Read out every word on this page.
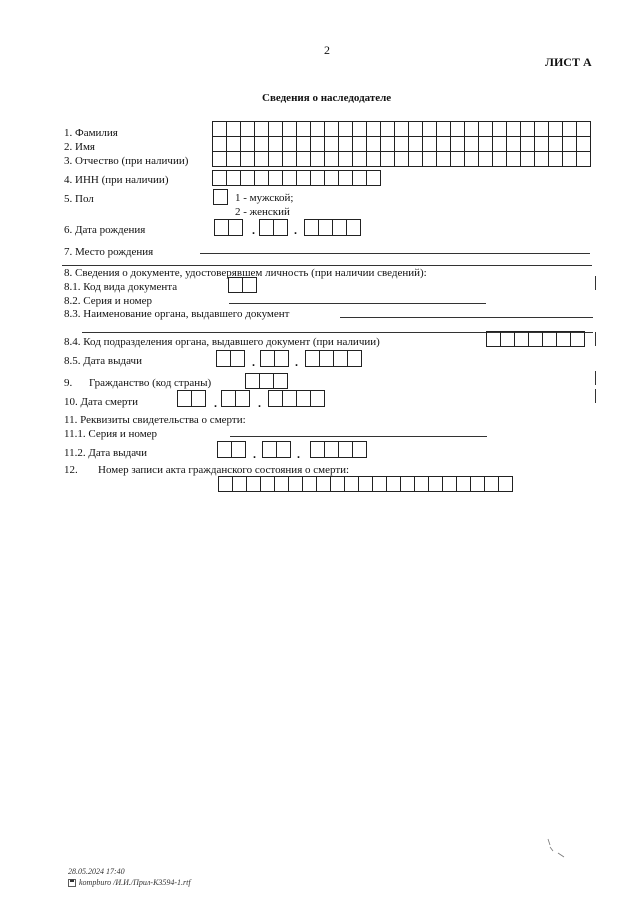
2
ЛИСТ А
Сведения о наследодателе
1. Фамилия
2. Имя
3. Отчество (при наличии)
4. ИНН (при наличии)
5. Пол	1 - мужской;
2 - женский
6. Дата рождения	.	.
7. Место рождения
8. Сведения о документе, удостоверявшем личность (при наличии сведений):
8.1. Код вида документа
8.2. Серия и номер
8.3. Наименование органа, выдавшего документ
8.4. Код подразделения органа, выдавшего документ (при наличии)
8.5. Дата выдачи	.	.
9. Гражданство (код страны)
10. Дата смерти	.	.
11. Реквизиты свидетельства о смерти:
11.1. Серия и номер
11.2. Дата выдачи	.	.
12. Номер записи акта гражданского состояния о смерти:
28.05.2024 17:40
kompburo /И.И./Прил-К3594-1.rtf
